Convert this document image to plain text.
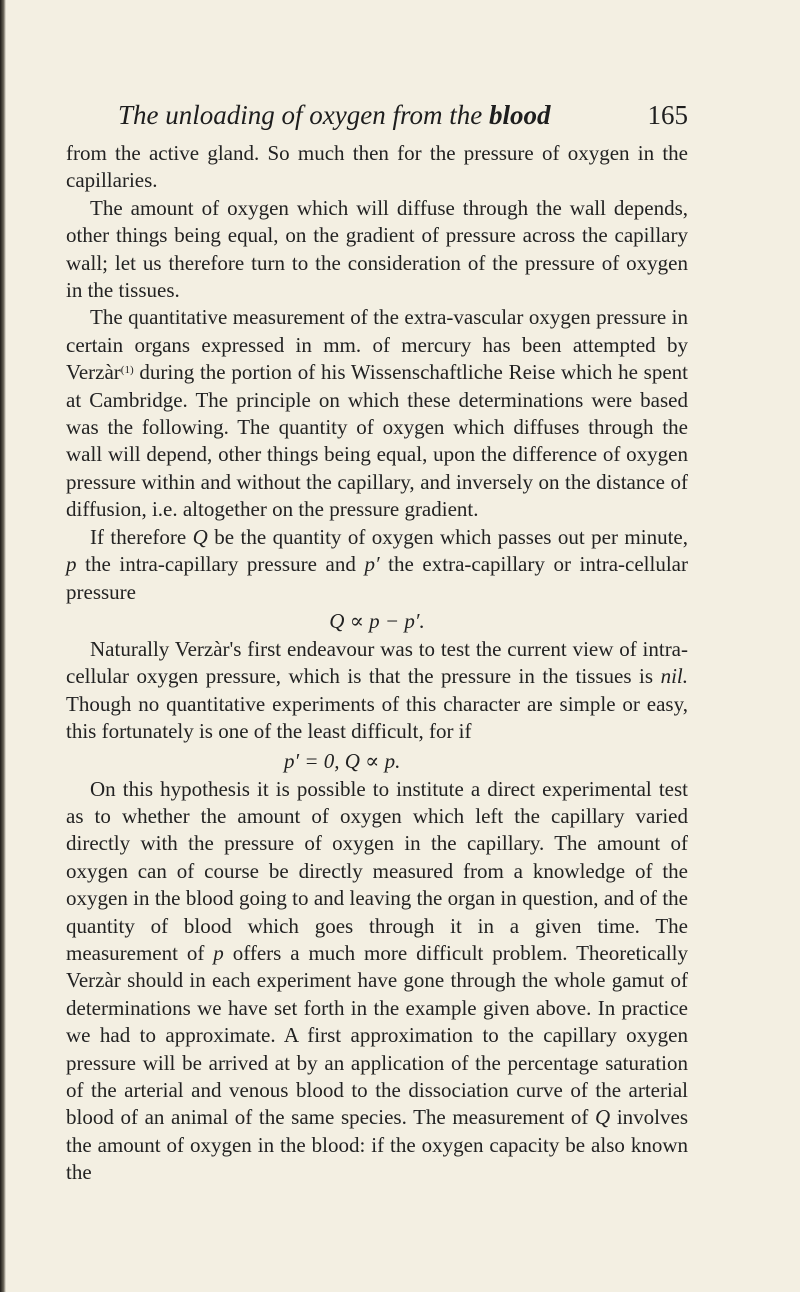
The unloading of oxygen from the blood	165

from the active gland. So much then for the pressure of oxygen in the capillaries.

The amount of oxygen which will diffuse through the wall depends, other things being equal, on the gradient of pressure across the capillary wall; let us therefore turn to the consideration of the pressure of oxygen in the tissues.

The quantitative measurement of the extra-vascular oxygen pressure in certain organs expressed in mm. of mercury has been attempted by Verzàr$^{(1)}$ during the portion of his Wissenschaftliche Reise which he spent at Cambridge. The principle on which these determinations were based was the following. The quantity of oxygen which diffuses through the wall will depend, other things being equal, upon the difference of oxygen pressure within and without the capillary, and inversely on the distance of diffusion, i.e. altogether on the pressure gradient.

If therefore Q be the quantity of oxygen which passes out per minute, p the intra-capillary pressure and p′ the extra-capillary or intra-cellular pressure

Q ∝ p − p′.

Naturally Verzàr's first endeavour was to test the current view of intra-cellular oxygen pressure, which is that the pressure in the tissues is nil. Though no quantitative experiments of this character are simple or easy, this fortunately is one of the least difficult, for if

p′ = 0, Q ∝ p.

On this hypothesis it is possible to institute a direct experimental test as to whether the amount of oxygen which left the capillary varied directly with the pressure of oxygen in the capillary. The amount of oxygen can of course be directly measured from a knowledge of the oxygen in the blood going to and leaving the organ in question, and of the quantity of blood which goes through it in a given time. The measurement of p offers a much more difficult problem. Theoretically Verzàr should in each experiment have gone through the whole gamut of determinations we have set forth in the example given above. In practice we had to approximate. A first approximation to the capillary oxygen pressure will be arrived at by an application of the percentage saturation of the arterial and venous blood to the dissociation curve of the arterial blood of an animal of the same species. The measurement of Q involves the amount of oxygen in the blood: if the oxygen capacity be also known the
